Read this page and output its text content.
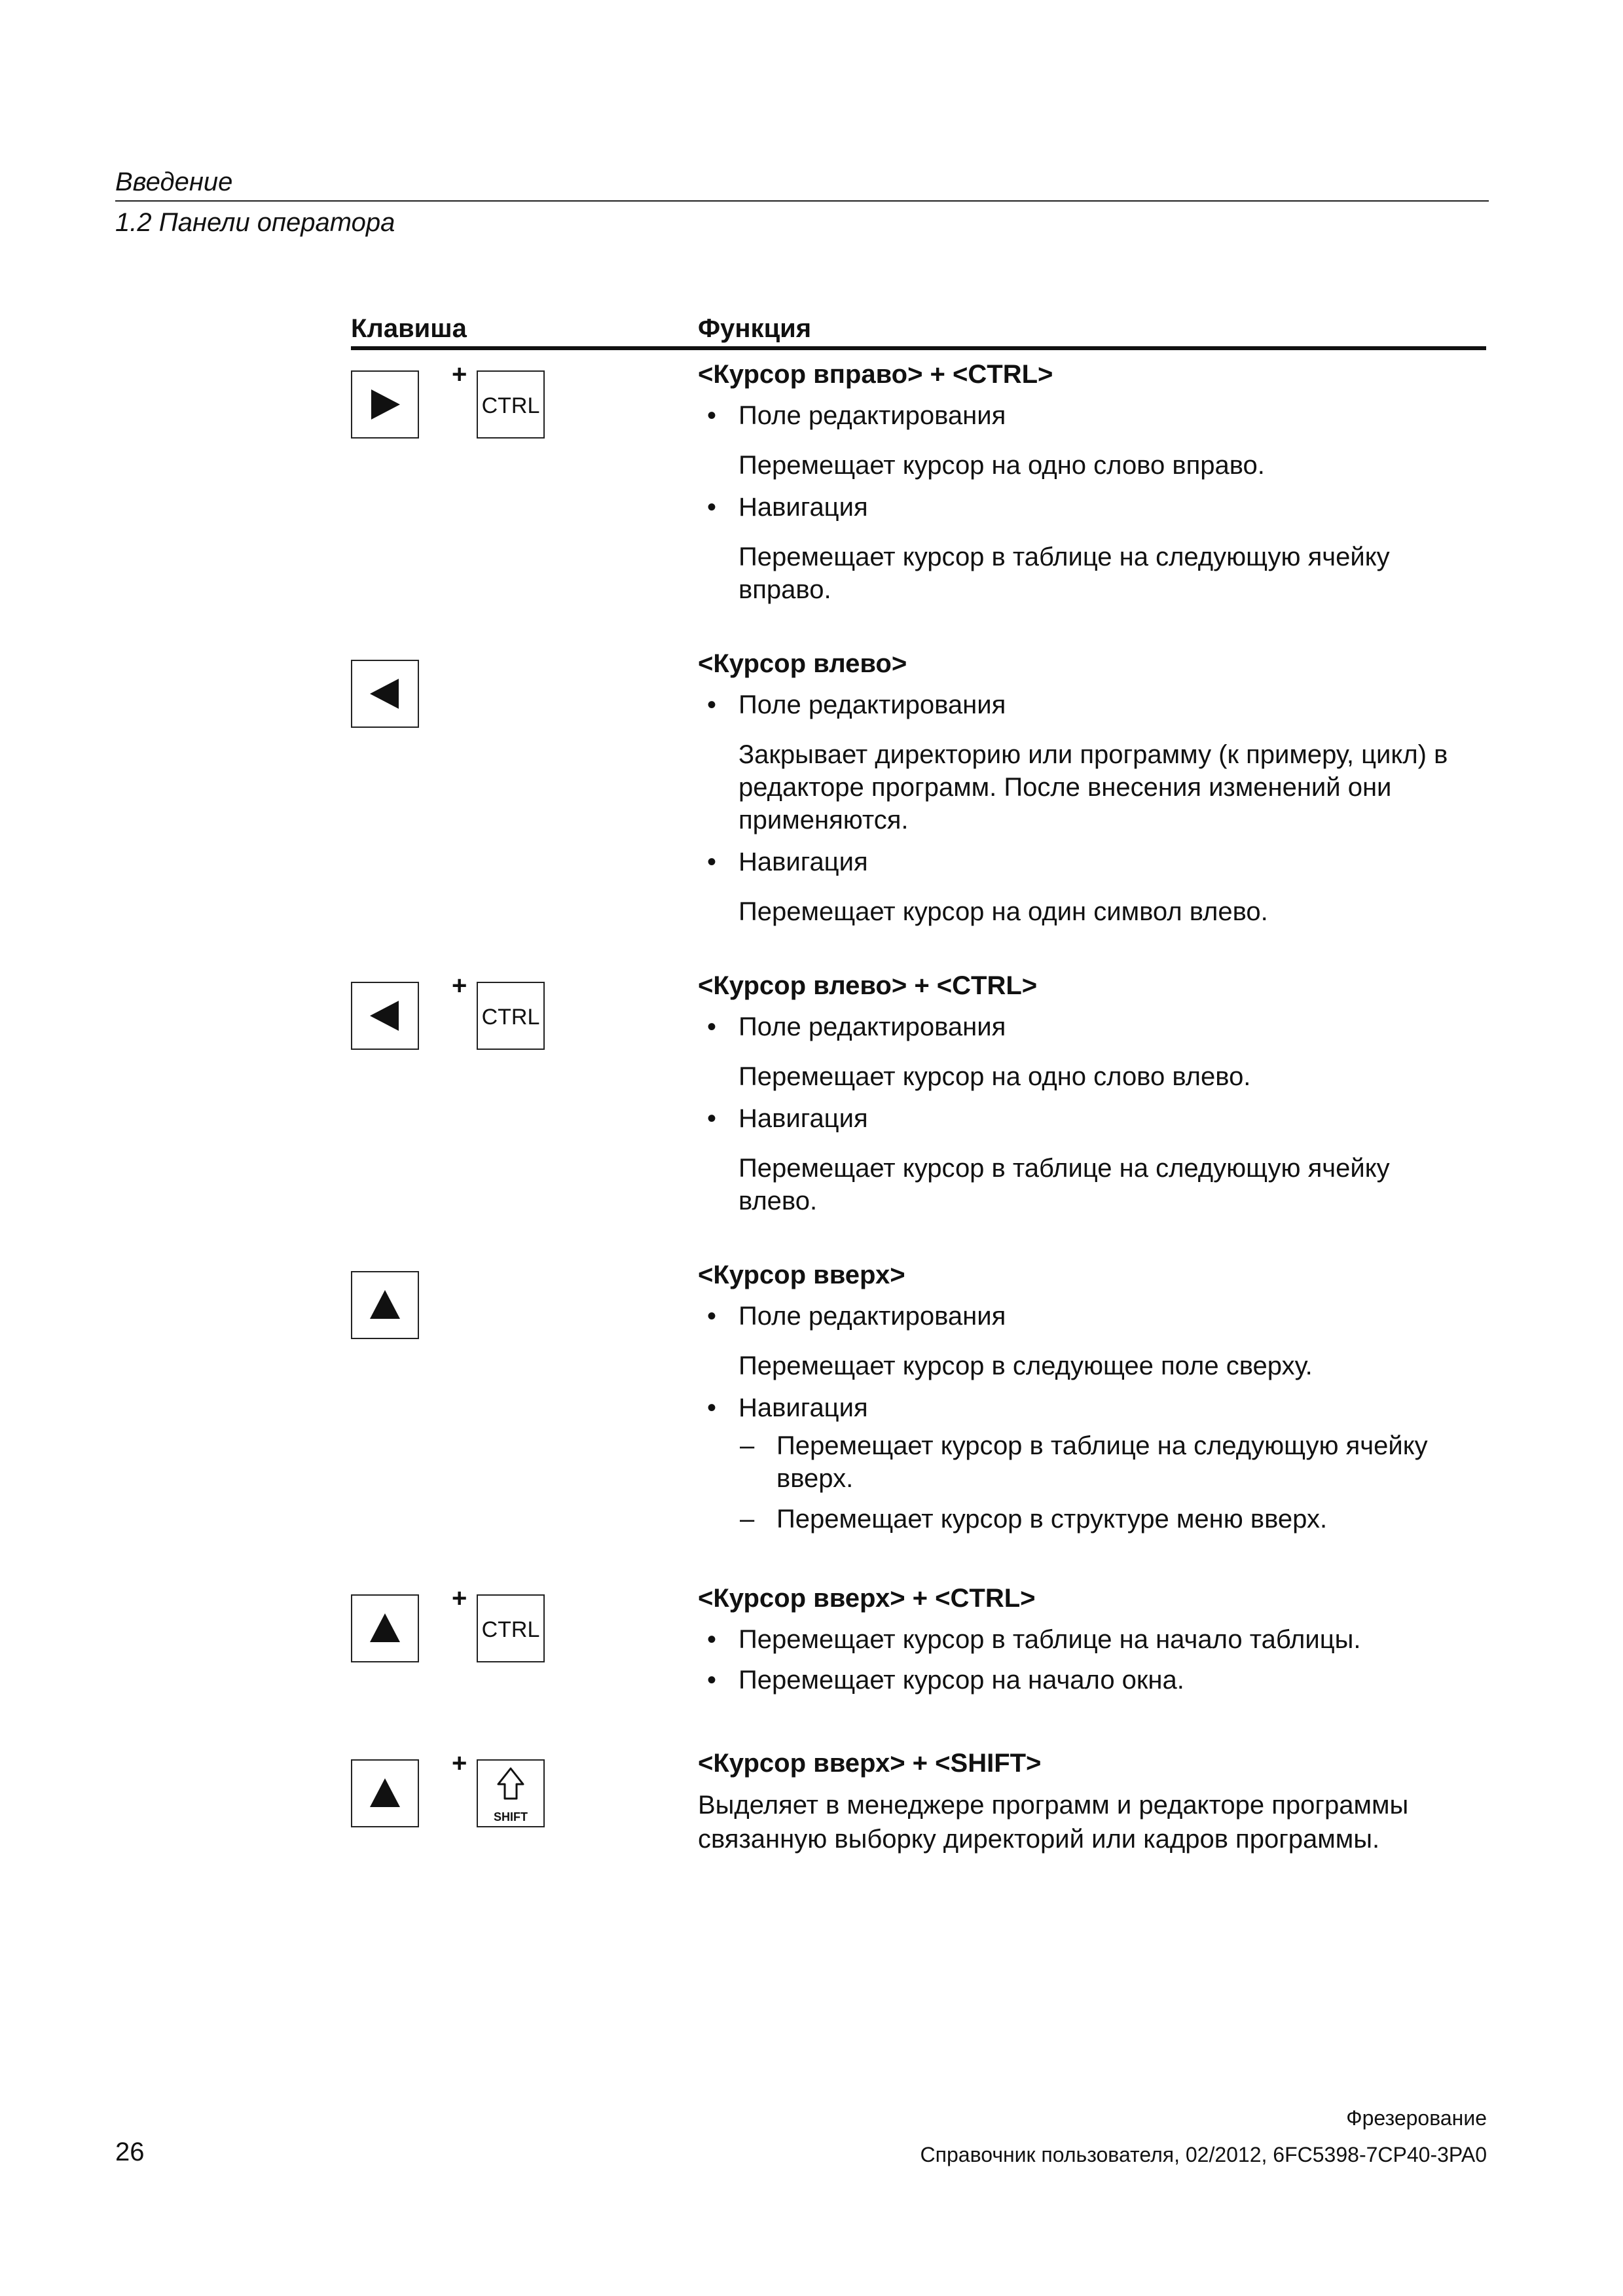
Введение
1.2 Панели оператора
Клавиша	Функция
+
CTRL
<Курсор вправо> + <CTRL>
• Поле редактирования
Перемещает курсор на одно слово вправо.
• Навигация
Перемещает курсор в таблице на следующую ячейку вправо.
<Курсор влево>
• Поле редактирования
Закрывает директорию или программу (к примеру, цикл) в редакторе программ. После внесения изменений они применяются.
• Навигация
Перемещает курсор на один символ влево.
+
CTRL
<Курсор влево> + <CTRL>
• Поле редактирования
Перемещает курсор на одно слово влево.
• Навигация
Перемещает курсор в таблице на следующую ячейку влево.
<Курсор вверх>
• Поле редактирования
Перемещает курсор в следующее поле сверху.
• Навигация
– Перемещает курсор в таблице на следующую ячейку вверх.
– Перемещает курсор в структуре меню вверх.
+
CTRL
<Курсор вверх> + <CTRL>
• Перемещает курсор в таблице на начало таблицы.
• Перемещает курсор на начало окна.
+
SHIFT
<Курсор вверх> + <SHIFT>
Выделяет в менеджере программ и редакторе программы связанную выборку директорий или кадров программы.
Фрезерование
Справочник пользователя, 02/2012, 6FC5398-7CP40-3PA0
26
